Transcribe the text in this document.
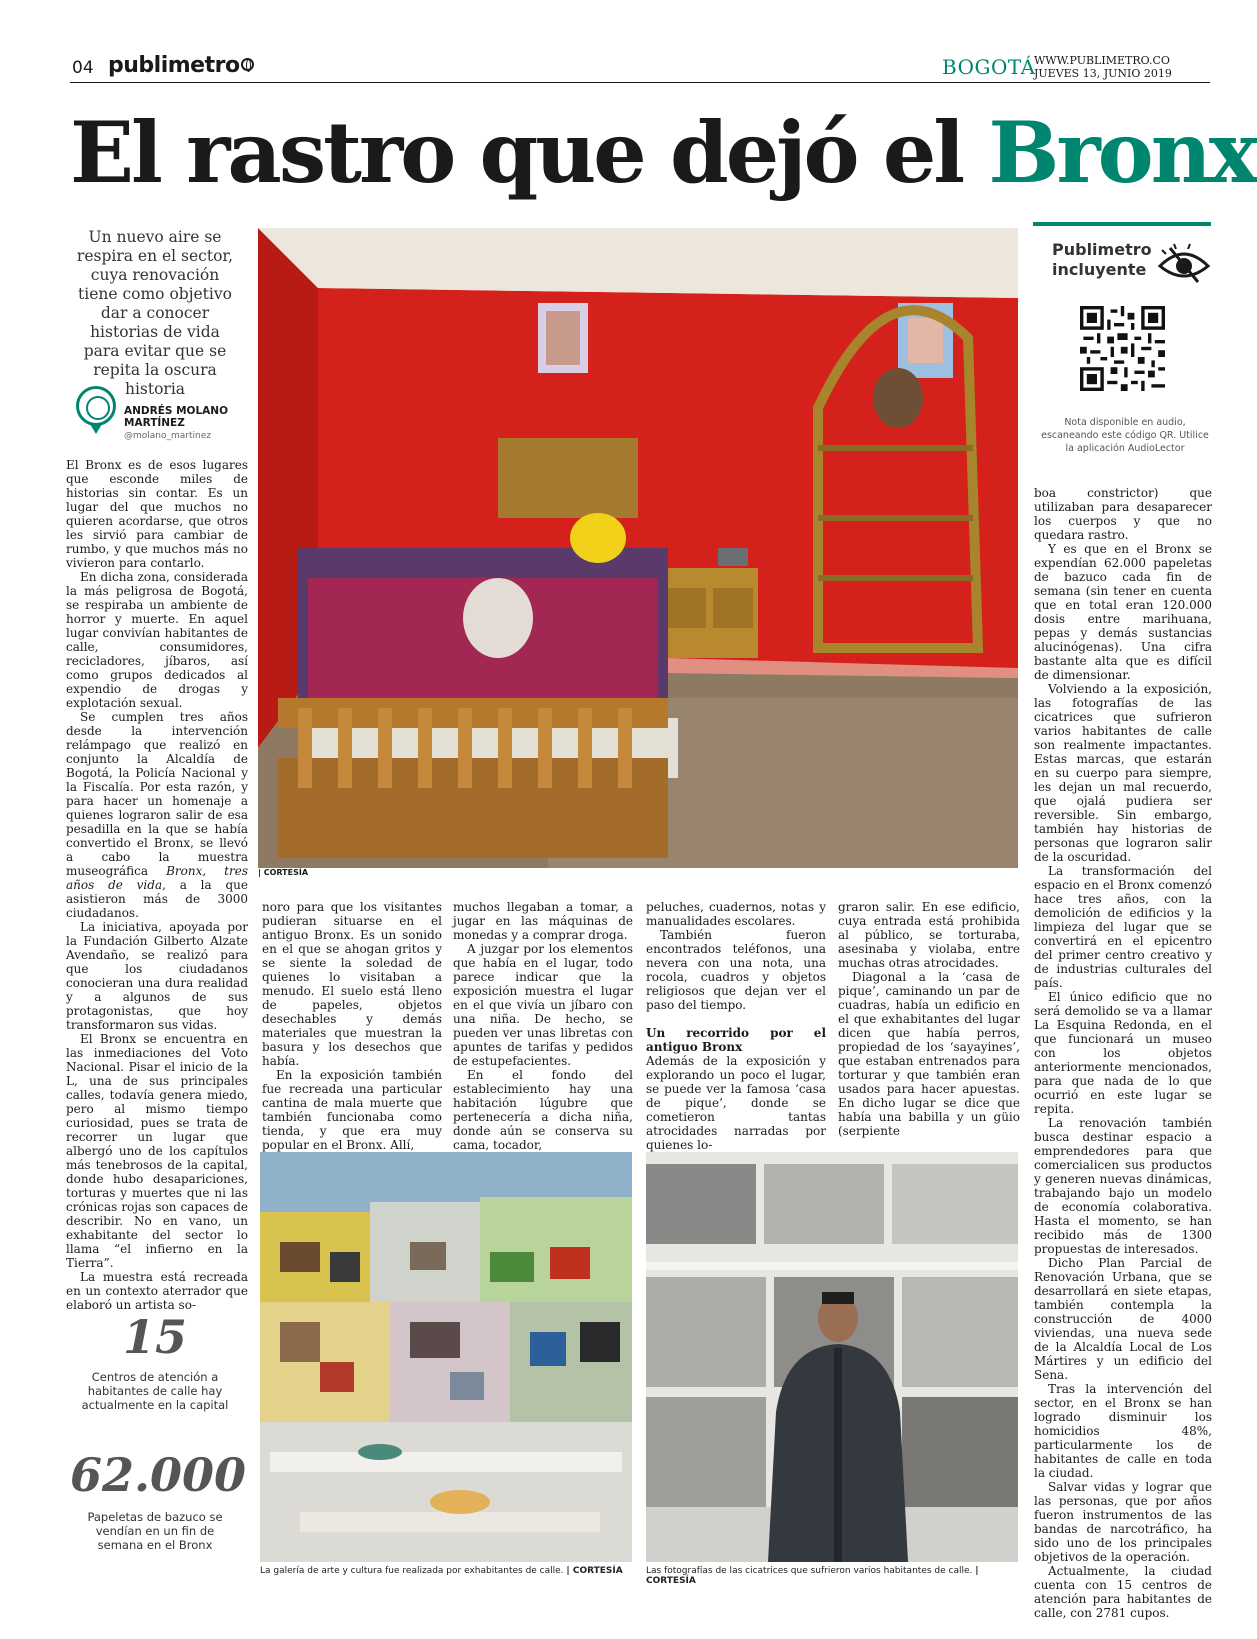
04 publimetro	BOGOTÁ
WWW.PUBLIMETRO.CO
JUEVES 13, JUNIO 2019
El rastro que dejó el Bronx
Un nuevo aire se respira en el sector, cuya renovación tiene como objetivo dar a conocer historias de vida para evitar que se repita la oscura historia
ANDRÉS MOLANO MARTÍNEZ
@molano_martinez
| CORTESÍA
Publimetro
incluyente
Nota disponible en audio, escaneando este código QR. Utilice la aplicación AudioLector

El Bronx es de esos lugares que esconde miles de historias sin contar. Es un lugar del que muchos no quieren acordarse, que otros les sirvió para cambiar de rumbo, y que muchos más no vivieron para contarlo.

En dicha zona, considerada la más peligrosa de Bogotá, se respiraba un ambiente de horror y muerte. En aquel lugar convivían habitantes de calle, consumidores, recicladores, jíbaros, así como grupos dedicados al expendio de drogas y explotación sexual.

Se cumplen tres años desde la intervención relámpago que realizó en conjunto la Alcaldía de Bogotá, la Policía Nacional y la Fiscalía. Por esta razón, y para hacer un homenaje a quienes lograron salir de esa pesadilla en la que se había convertido el Bronx, se llevó a cabo la muestra museográfica Bronx, tres años de vida, a la que asistieron más de 3000 ciudadanos.

La iniciativa, apoyada por la Fundación Gilberto Alzate Avendaño, se realizó para que los ciudadanos conocieran una dura realidad y a algunos de sus protagonistas, que hoy transformaron sus vidas.

El Bronx se encuentra en las inmediaciones del Voto Nacional. Pisar el inicio de la L, una de sus principales calles, todavía genera miedo, pero al mismo tiempo curiosidad, pues se trata de recorrer un lugar que albergó uno de los capítulos más tenebrosos de la capital, donde hubo desapariciones, torturas y muertes que ni las crónicas rojas son capaces de describir. No en vano, un exhabitante del sector lo llama “el infierno en la Tierra”.

La muestra está recreada en un contexto aterrador que elaboró un artista so-

15
Centros de atención a habitantes de calle hay actualmente en la capital
62.000
Papeletas de bazuco se vendían en un fin de semana en el Bronx

noro para que los visitantes pudieran situarse en el antiguo Bronx. Es un sonido en el que se ahogan gritos y se siente la soledad de quienes lo visitaban a menudo. El suelo está lleno de papeles, objetos desechables y demás materiales que muestran la basura y los desechos que había.

En la exposición también fue recreada una particular cantina de mala muerte que también funcionaba como tienda, y que era muy popular en el Bronx. Allí,

muchos llegaban a tomar, a jugar en las máquinas de monedas y a comprar droga.

A juzgar por los elementos que había en el lugar, todo parece indicar que la exposición muestra el lugar en el que vivía un jíbaro con una niña. De hecho, se pueden ver unas libretas con apuntes de tarifas y pedidos de estupefacientes.

En el fondo del establecimiento hay una habitación lúgubre que pertenecería a dicha niña, donde aún se conserva su cama, tocador,

peluches, cuadernos, notas y manualidades escolares.

También fueron encontrados teléfonos, una nevera con una nota, una rocola, cuadros y objetos religiosos que dejan ver el paso del tiempo.

Un recorrido por el antiguo Bronx

Además de la exposición y explorando un poco el lugar, se puede ver la famosa ‘casa de pique’, donde se cometieron tantas atrocidades narradas por quienes lo-

graron salir. En ese edificio, cuya entrada está prohibida al público, se torturaba, asesinaba y violaba, entre muchas otras atrocidades.

Diagonal a la ‘casa de pique’, caminando un par de cuadras, había un edificio en el que exhabitantes del lugar dicen que había perros, propiedad de los ‘sayayines’, que estaban entrenados para torturar y que también eran usados para hacer apuestas. En dicho lugar se dice que había una babilla y un güio (serpiente

La galería de arte y cultura fue realizada por exhabitantes de calle. | CORTESÍA	Las fotografías de las cicatrices que sufrieron varios habitantes de calle. | CORTESÍA

boa constrictor) que utilizaban para desaparecer los cuerpos y que no quedara rastro.

Y es que en el Bronx se expendían 62.000 papeletas de bazuco cada fin de semana (sin tener en cuenta que en total eran 120.000 dosis entre marihuana, pepas y demás sustancias alucinógenas). Una cifra bastante alta que es difícil de dimensionar.

Volviendo a la exposición, las fotografías de las cicatrices que sufrieron varios habitantes de calle son realmente impactantes. Estas marcas, que estarán en su cuerpo para siempre, les dejan un mal recuerdo, que ojalá pudiera ser reversible. Sin embargo, también hay historias de personas que lograron salir de la oscuridad.

La transformación del espacio en el Bronx comenzó hace tres años, con la demolición de edificios y la limpieza del lugar que se convertirá en el epicentro del primer centro creativo y de industrias culturales del país.

El único edificio que no será demolido se va a llamar La Esquina Redonda, en el que funcionará un museo con los objetos anteriormente mencionados, para que nada de lo que ocurrió en este lugar se repita.

La renovación también busca destinar espacio a emprendedores para que comercialicen sus productos y generen nuevas dinámicas, trabajando bajo un modelo de economía colaborativa. Hasta el momento, se han recibido más de 1300 propuestas de interesados.

Dicho Plan Parcial de Renovación Urbana, que se desarrollará en siete etapas, también contempla la construcción de 4000 viviendas, una nueva sede de la Alcaldía Local de Los Mártires y un edificio del Sena.

Tras la intervención del sector, en el Bronx se han logrado disminuir los homicidios 48%, particularmente los de habitantes de calle en toda la ciudad.

Salvar vidas y lograr que las personas, que por años fueron instrumentos de las bandas de narcotráfico, ha sido uno de los principales objetivos de la operación.

Actualmente, la ciudad cuenta con 15 centros de atención para habitantes de calle, con 2781 cupos.
